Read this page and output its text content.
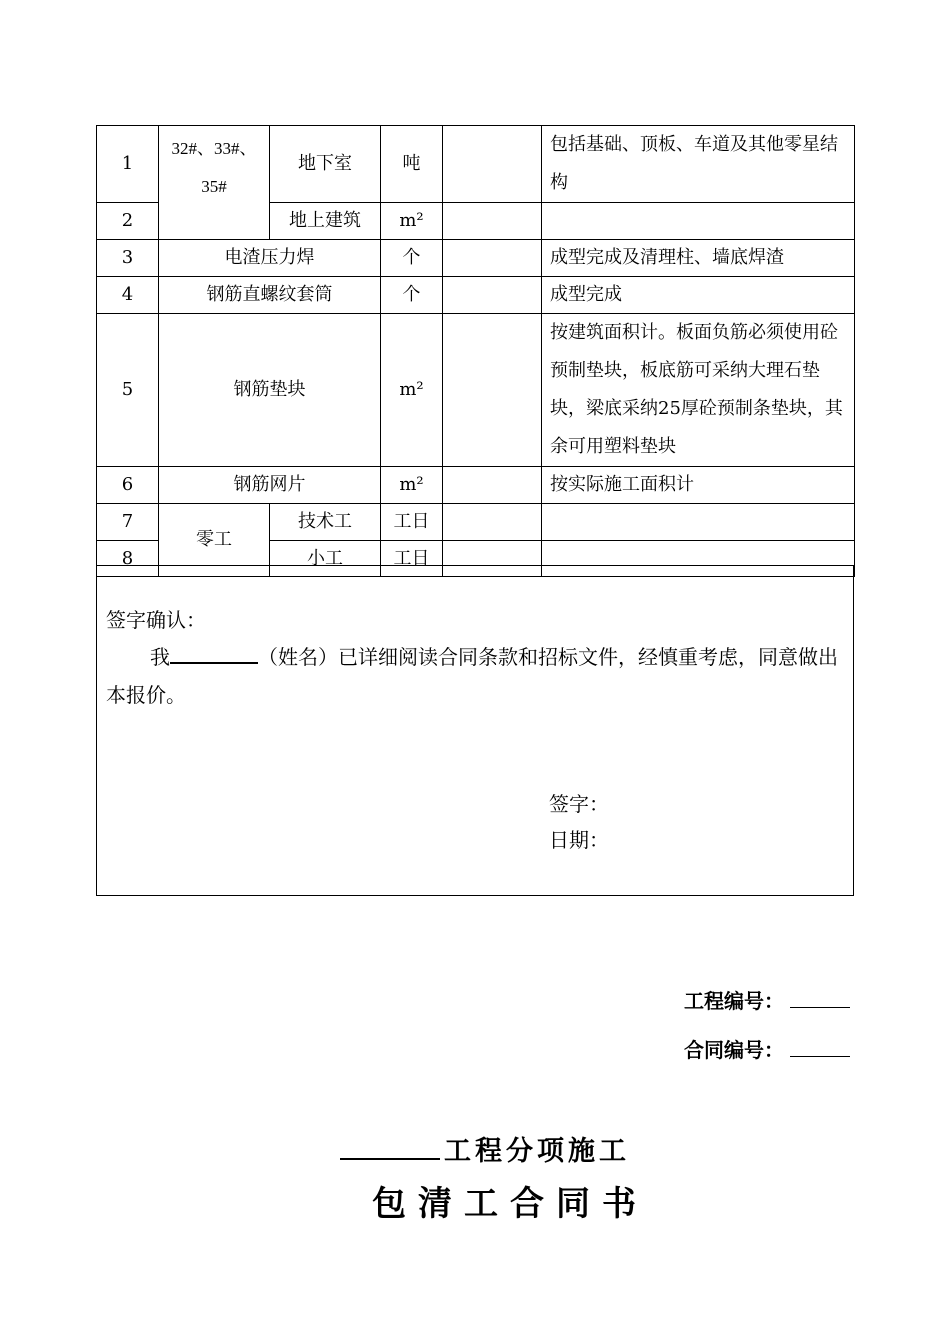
1	32#、33#、35#	地下室	吨		包括基础、顶板、车道及其他零星结构
2		地上建筑	m²		
3	电渣压力焊		个		成型完成及清理柱、墙底焊渣
4	钢筋直螺纹套筒		个		成型完成
5	钢筋垫块		m²		按建筑面积计。板面负筋必须使用砼预制垫块，板底筋可采纳大理石垫块，梁底采纳25厚砼预制条垫块，其余可用塑料垫块
6	钢筋网片		m²		按实际施工面积计
7	零工	技术工	工日		
8		小工	工日		
签字确认：
我	（姓名）已详细阅读合同条款和招标文件，经慎重考虑，同意做出本报价。
签字：
日期：
工程编号：
合同编号：
工程分项施工
包清工合同书
